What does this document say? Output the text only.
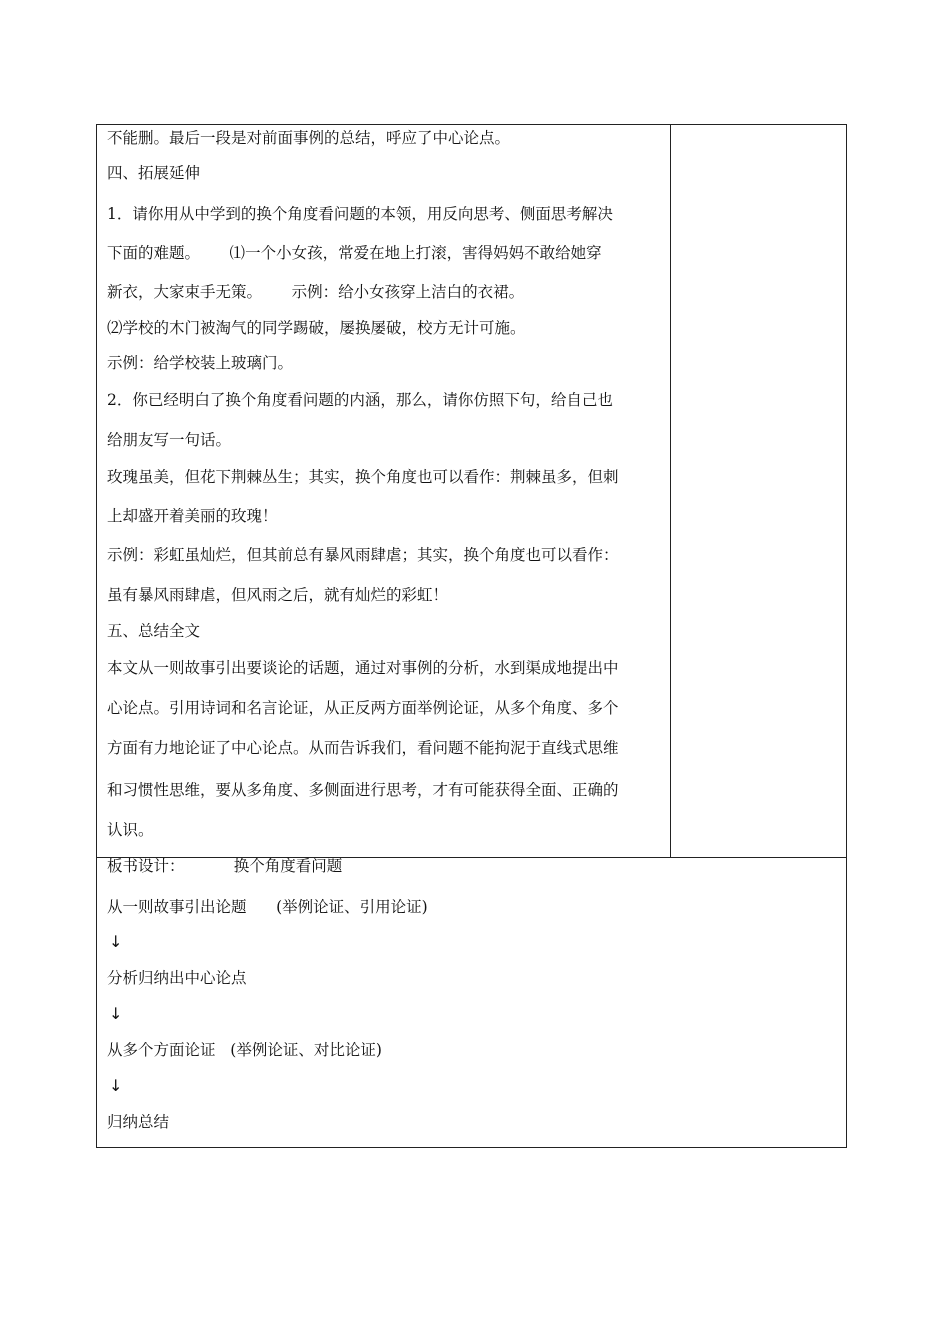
不能删。最后一段是对前面事例的总结，呼应了中心论点。
四、拓展延伸
1．请你用从中学到的换个角度看问题的本领，用反向思考、侧面思考解决
下面的难题。      ⑴一个小女孩，常爱在地上打滚，害得妈妈不敢给她穿
新衣，大家束手无策。      示例：给小女孩穿上洁白的衣裙。
⑵学校的木门被淘气的同学踢破，屡换屡破，校方无计可施。
示例：给学校装上玻璃门。
2．你已经明白了换个角度看问题的内涵，那么，请你仿照下句，给自己也
给朋友写一句话。
玫瑰虽美，但花下荆棘丛生；其实，换个角度也可以看作：荆棘虽多，但刺
上却盛开着美丽的玫瑰！
示例：彩虹虽灿烂，但其前总有暴风雨肆虐；其实，换个角度也可以看作：
虽有暴风雨肆虐，但风雨之后，就有灿烂的彩虹！
五、总结全文
本文从一则故事引出要谈论的话题，通过对事例的分析，水到渠成地提出中
心论点。引用诗词和名言论证，从正反两方面举例论证，从多个角度、多个
方面有力地论证了中心论点。从而告诉我们，看问题不能拘泥于直线式思维
和习惯性思维，要从多角度、多侧面进行思考，才有可能获得全面、正确的
认识。
板书设计：          换个角度看问题
从一则故事引出论题      (举例论证、引用论证)
↓
分析归纳出中心论点
↓
从多个方面论证   (举例论证、对比论证)
↓
归纳总结
